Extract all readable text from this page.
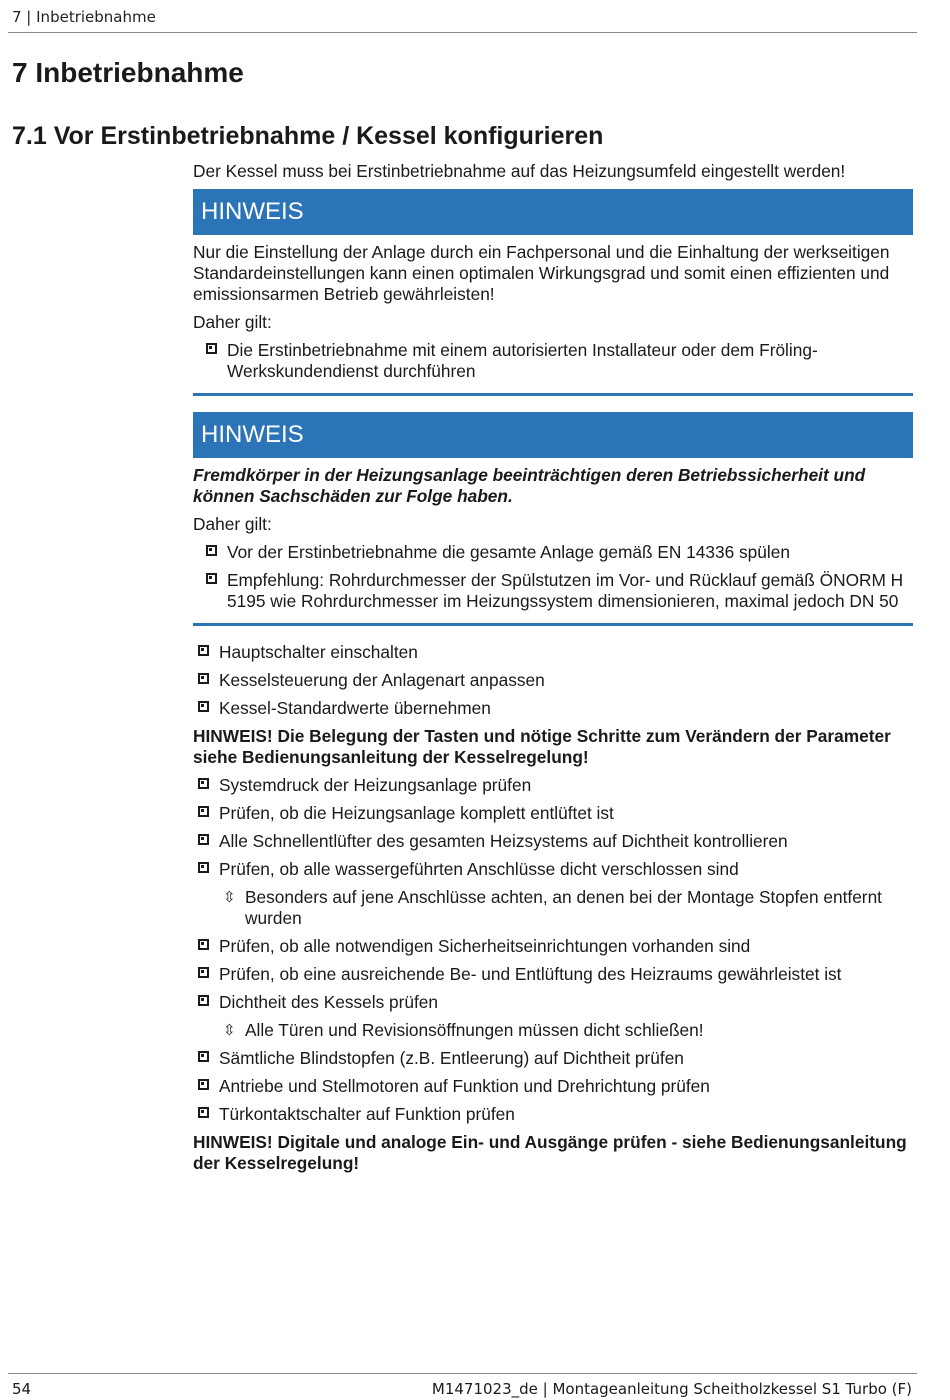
7 | Inbetriebnahme
7 Inbetriebnahme
7.1 Vor Erstinbetriebnahme / Kessel konfigurieren

Der Kessel muss bei Erstinbetriebnahme auf das Heizungsumfeld eingestellt werden!

HINWEIS

Nur die Einstellung der Anlage durch ein Fachpersonal und die Einhaltung der werkseitigen Standardeinstellungen kann einen optimalen Wirkungsgrad und somit einen effizienten und emissionsarmen Betrieb gewährleisten!

Daher gilt:

Die Erstinbetriebnahme mit einem autorisierten Installateur oder dem Fröling-Werkskundendienst durchführen
HINWEIS

Fremdkörper in der Heizungsanlage beeinträchtigen deren Betriebssicherheit und können Sachschäden zur Folge haben.

Daher gilt:

Vor der Erstinbetriebnahme die gesamte Anlage gemäß EN 14336 spülen
Empfehlung: Rohrdurchmesser der Spülstutzen im Vor- und Rücklauf gemäß ÖNORM H 5195 wie Rohrdurchmesser im Heizungssystem dimensionieren, maximal jedoch DN 50
Hauptschalter einschalten
Kesselsteuerung der Anlagenart anpassen
Kessel-Standardwerte übernehmen

HINWEIS! Die Belegung der Tasten und nötige Schritte zum Verändern der Parameter siehe Bedienungsanleitung der Kesselregelung!

Systemdruck der Heizungsanlage prüfen
Prüfen, ob die Heizungsanlage komplett entlüftet ist
Alle Schnellentlüfter des gesamten Heizsystems auf Dichtheit kontrollieren
Prüfen, ob alle wassergeführten Anschlüsse dicht verschlossen sind
⇳ Besonders auf jene Anschlüsse achten, an denen bei der Montage Stopfen entfernt wurden
Prüfen, ob alle notwendigen Sicherheitseinrichtungen vorhanden sind
Prüfen, ob eine ausreichende Be- und Entlüftung des Heizraums gewährleistet ist
Dichtheit des Kessels prüfen
⇳ Alle Türen und Revisionsöffnungen müssen dicht schließen!
Sämtliche Blindstopfen (z.B. Entleerung) auf Dichtheit prüfen
Antriebe und Stellmotoren auf Funktion und Drehrichtung prüfen
Türkontaktschalter auf Funktion prüfen

HINWEIS! Digitale und analoge Ein- und Ausgänge prüfen - siehe Bedienungsanleitung der Kesselregelung!

54	M1471023_de | Montageanleitung Scheitholzkessel S1 Turbo (F)
